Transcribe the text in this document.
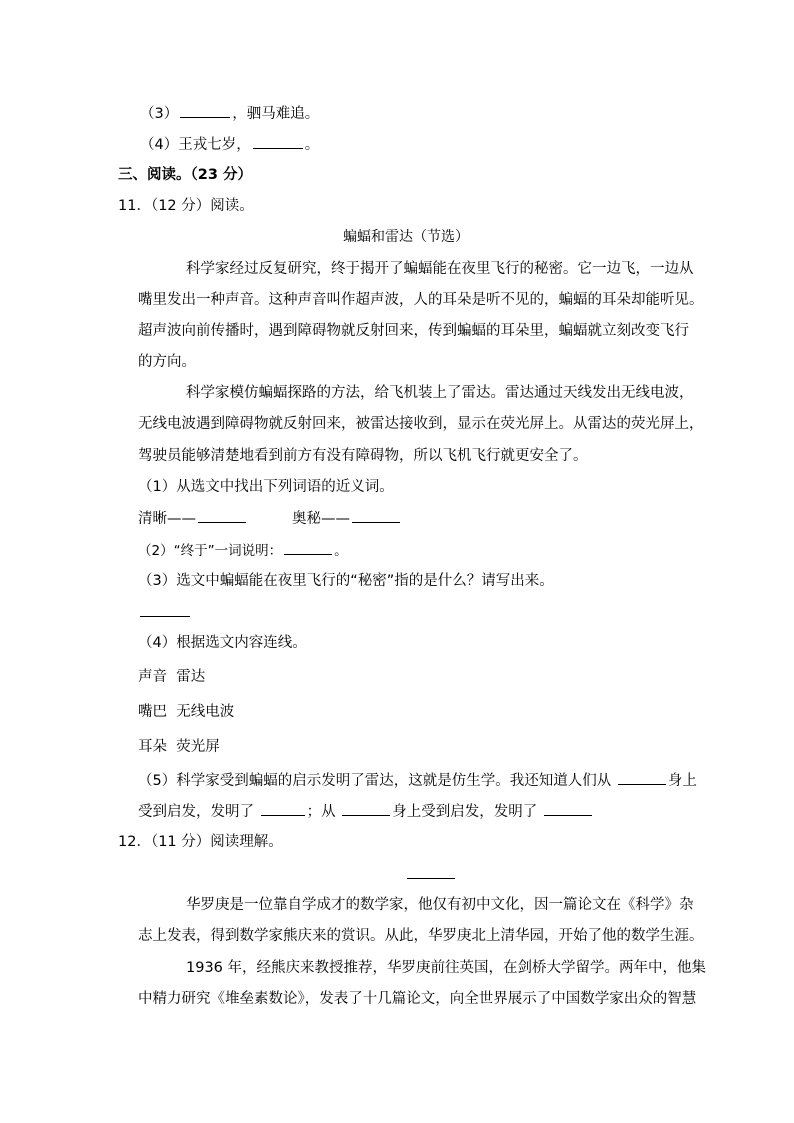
（3）	，驷马难追。
（4）王戎七岁，	。
三、阅读。（23 分）
11．（12 分）阅读。
蝙蝠和雷达（节选）
科学家经过反复研究，终于揭开了蝙蝠能在夜里飞行的秘密。它一边飞，一边从
嘴里发出一种声音。这种声音叫作超声波，人的耳朵是听不见的，蝙蝠的耳朵却能听见。
超声波向前传播时，遇到障碍物就反射回来，传到蝙蝠的耳朵里，蝙蝠就立刻改变飞行
的方向。
科学家模仿蝙蝠探路的方法，给飞机装上了雷达。雷达通过天线发出无线电波，
无线电波遇到障碍物就反射回来，被雷达接收到，显示在荧光屏上。从雷达的荧光屏上，
驾驶员能够清楚地看到前方有没有障碍物，所以飞机飞行就更安全了。
（1）从选文中找出下列词语的近义词。
清晰——	奥秘——
（2）“终于”一词说明：	。
（3）选文中蝙蝠能在夜里飞行的“秘密”指的是什么？请写出来。
（4）根据选文内容连线。
声音 雷达
嘴巴 无线电波
耳朵 荧光屏
（5）科学家受到蝙蝠的启示发明了雷达，这就是仿生学。我还知道人们从	身上
受到启发，发明了	；从	身上受到启发，发明了
12．（11 分）阅读理解。
华罗庚是一位靠自学成才的数学家，他仅有初中文化，因一篇论文在《科学》杂
志上发表，得到数学家熊庆来的赏识。从此，华罗庚北上清华园，开始了他的数学生涯。
1936 年，经熊庆来教授推荐，华罗庚前往英国，在剑桥大学留学。两年中，他集
中精力研究《堆垒素数论》，发表了十几篇论文，向全世界展示了中国数学家出众的智慧
